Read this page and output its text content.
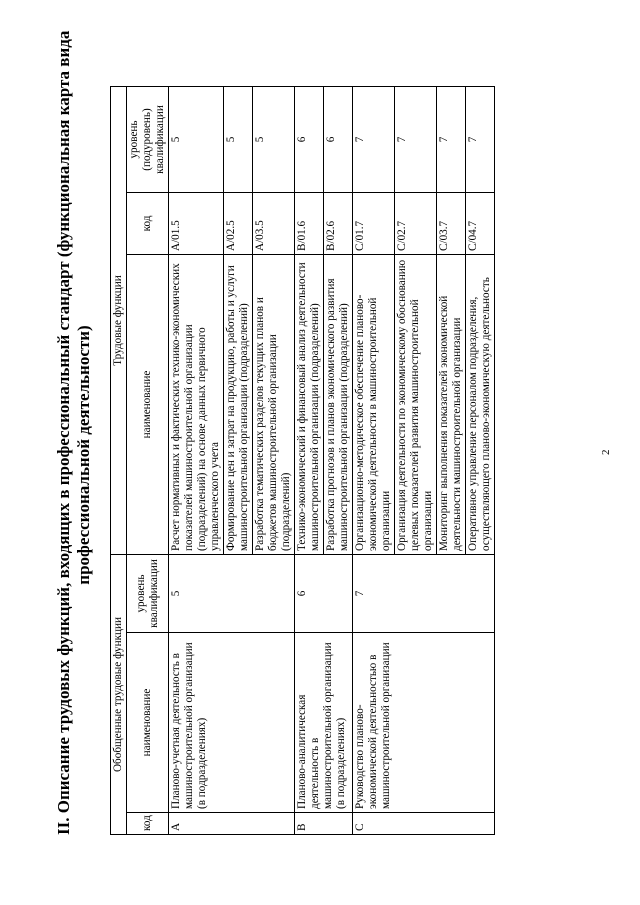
2
II. Описание трудовых функций, входящих в профессиональный стандарт (функциональная карта вида профессиональной деятельности)
Обобщенные трудовые функции			Трудовые функции		
код	наименование	уровень квалификации	наименование	код	уровень (подуровень) квалификации
A	Планово-учетная деятельность в машиностроительной организации (в подразделениях)	5	Расчет нормативных и фактических технико-экономических показателей машиностроительной организации (подразделений) на основе данных первичного управленческого учета	A/01.5	5
			Формирование цен и затрат на продукцию, работы и услуги машиностроительной организации (подразделений)	A/02.5	5
			Разработка тематических разделов текущих планов и бюджетов машиностроительной организации (подразделений)	A/03.5	5
B	Планово-аналитическая деятельность в машиностроительной организации (в подразделениях)	6	Технико-экономический и финансовый анализ деятельности машиностроительной организации (подразделений)	B/01.6	6
			Разработка прогнозов и планов экономического развития машиностроительной организации (подразделений)	B/02.6	6
C	Руководство планово-экономической деятельностью в машиностроительной организации	7	Организационно-методическое обеспечение планово-экономической деятельности в машиностроительной организации	C/01.7	7
			Организация деятельности по экономическому обоснованию целевых показателей развития машиностроительной организации	C/02.7	7
			Мониторинг выполнения показателей экономической деятельности машиностроительной организации	C/03.7	7
			Оперативное управление персоналом подразделения, осуществляющего планово-экономическую деятельность	C/04.7	7
